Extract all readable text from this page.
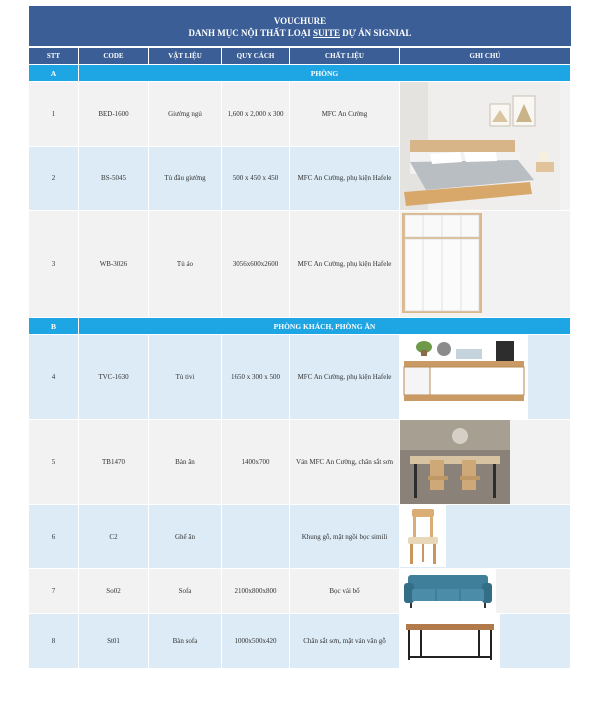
VOUCHURE
DANH MỤC NỘI THẤT LOẠI SUITE DỰ ÁN SIGNIAL
STT	CODE	VẬT LIỆU	QUY CÁCH	CHẤT LIỆU	GHI CHÚ
A	PHÒNG				
1	BED-1600	Giường ngủ	1,600 x 2,000 x 300	MFC An Cường	

2	BS-5045	Tủ đầu giường	500 x 450 x 450	MFC An Cường, phụ kiện Hafele	
3	WB-3026	Tủ áo	3056x600x2600	MFC An Cường, phụ kiện Hafele	

B	PHÒNG KHÁCH, PHÒNG ĂN				
4	TVC-1630	Tủ tivi	1650 x 300 x 500	MFC An Cường, phụ kiện Hafele	

5	TB1470	Bàn ăn	1400x700	Ván MFC An Cường, chân sắt sơn	

6	C2	Ghế ăn		Khung gỗ, mặt ngồi bọc simili	

7	So02	Sofa	2100x800x800	Bọc vải bố	

8	St01	Bàn sofa	1000x500x420	Chân sắt sơn, mặt ván vân gỗ	
